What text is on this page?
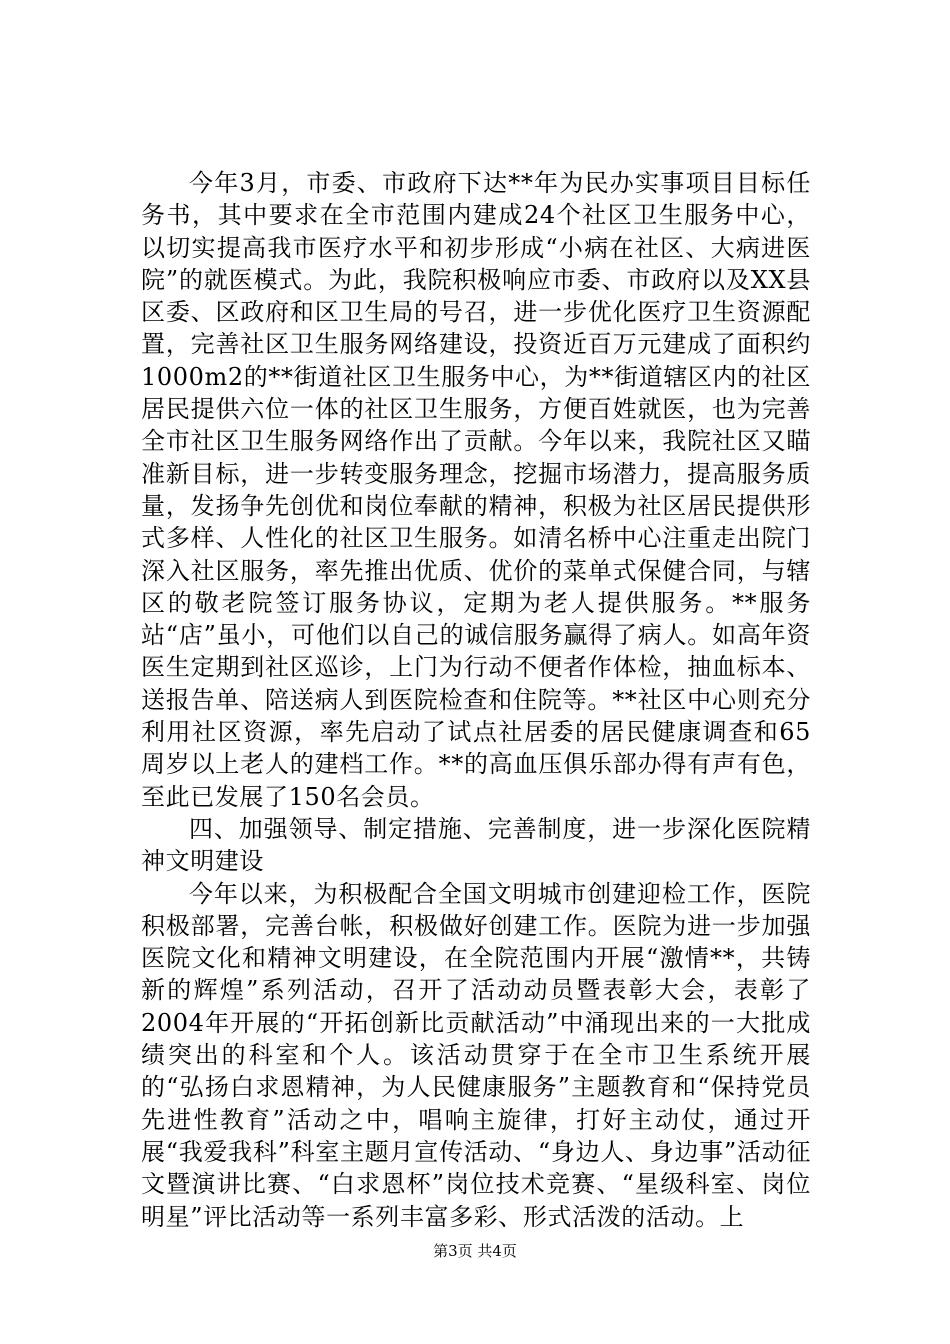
今年3月，市委、市政府下达**年为民办实事项目目标任务书，其中要求在全市范围内建成24个社区卫生服务中心，以切实提高我市医疗水平和初步形成“小病在社区、大病进医院”的就医模式。为此，我院积极响应市委、市政府以及XX县区委、区政府和区卫生局的号召，进一步优化医疗卫生资源配置，完善社区卫生服务网络建设，投资近百万元建成了面积约1000m2的**街道社区卫生服务中心，为**街道辖区内的社区居民提供六位一体的社区卫生服务，方便百姓就医，也为完善全市社区卫生服务网络作出了贡献。今年以来，我院社区又瞄准新目标，进一步转变服务理念，挖掘市场潜力，提高服务质量，发扬争先创优和岗位奉献的精神，积极为社区居民提供形式多样、人性化的社区卫生服务。如清名桥中心注重走出院门深入社区服务，率先推出优质、优价的菜单式保健合同，与辖区的敬老院签订服务协议，定期为老人提供服务。**服务站“店”虽小，可他们以自己的诚信服务赢得了病人。如高年资医生定期到社区巡诊，上门为行动不便者作体检，抽血标本、送报告单、陪送病人到医院检查和住院等。**社区中心则充分利用社区资源，率先启动了试点社居委的居民健康调查和65周岁以上老人的建档工作。**的高血压俱乐部办得有声有色，至此已发展了150名会员。

四、加强领导、制定措施、完善制度，进一步深化医院精神文明建设

今年以来，为积极配合全国文明城市创建迎检工作，医院积极部署，完善台帐，积极做好创建工作。医院为进一步加强医院文化和精神文明建设，在全院范围内开展“激情**，共铸新的辉煌”系列活动，召开了活动动员暨表彰大会，表彰了2004年开展的“开拓创新比贡献活动”中涌现出来的一大批成绩突出的科室和个人。该活动贯穿于在全市卫生系统开展的“弘扬白求恩精神，为人民健康服务”主题教育和“保持党员先进性教育”活动之中，唱响主旋律，打好主动仗，通过开展“我爱我科”科室主题月宣传活动、“身边人、身边事”活动征文暨演讲比赛、“白求恩杯”岗位技术竞赛、“星级科室、岗位明星”评比活动等一系列丰富多彩、形式活泼的活动。上

第3页 共4页
